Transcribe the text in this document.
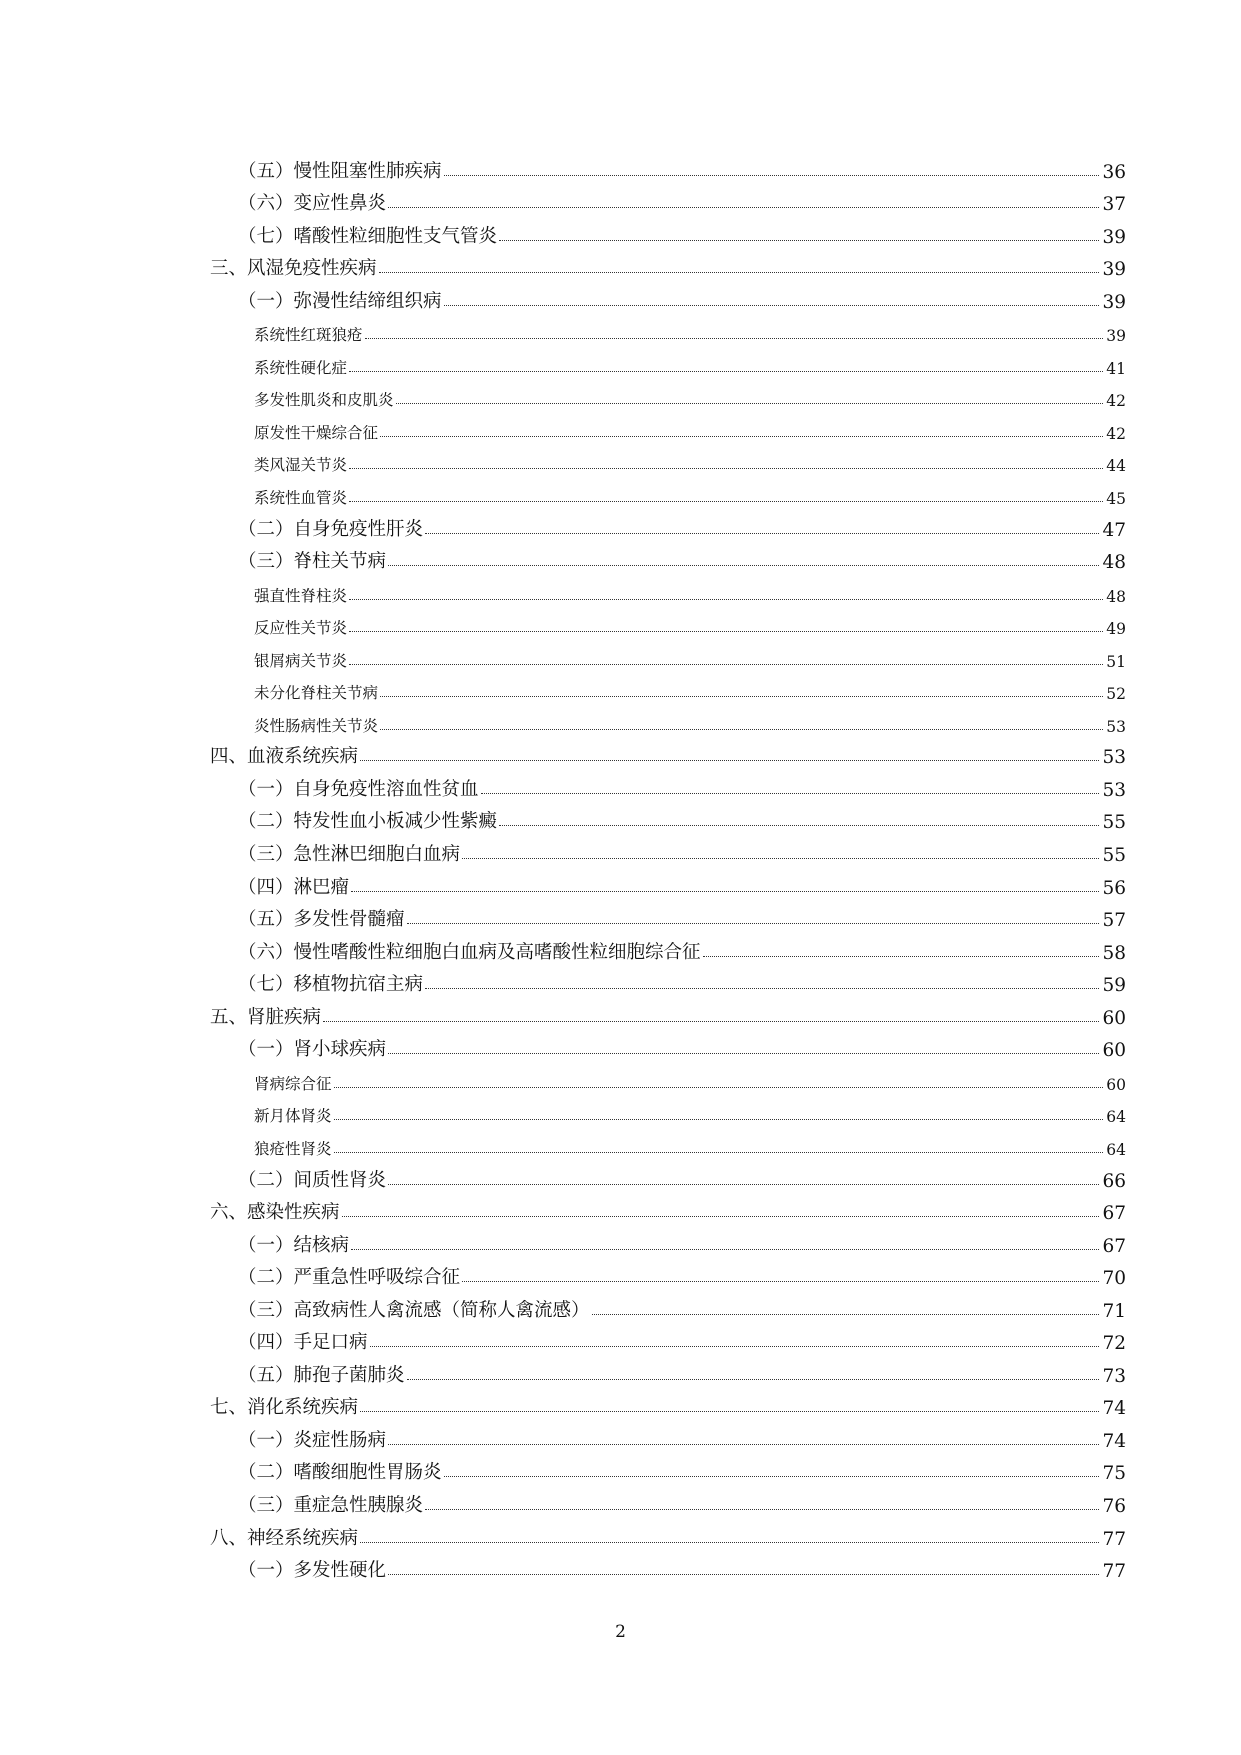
（五）慢性阻塞性肺疾病	36
（六）变应性鼻炎	37
（七）嗜酸性粒细胞性支气管炎	39
三、风湿免疫性疾病	39
（一）弥漫性结缔组织病	39
系统性红斑狼疮	39
系统性硬化症	41
多发性肌炎和皮肌炎	42
原发性干燥综合征	42
类风湿关节炎	44
系统性血管炎	45
（二）自身免疫性肝炎	47
（三）脊柱关节病	48
强直性脊柱炎	48
反应性关节炎	49
银屑病关节炎	51
未分化脊柱关节病	52
炎性肠病性关节炎	53
四、血液系统疾病	53
（一）自身免疫性溶血性贫血	53
（二）特发性血小板减少性紫癜	55
（三）急性淋巴细胞白血病	55
（四）淋巴瘤	56
（五）多发性骨髓瘤	57
（六）慢性嗜酸性粒细胞白血病及高嗜酸性粒细胞综合征	58
（七）移植物抗宿主病	59
五、肾脏疾病	60
（一）肾小球疾病	60
肾病综合征	60
新月体肾炎	64
狼疮性肾炎	64
（二）间质性肾炎	66
六、感染性疾病	67
（一）结核病	67
（二）严重急性呼吸综合征	70
（三）高致病性人禽流感（简称人禽流感）	71
（四）手足口病	72
（五）肺孢子菌肺炎	73
七、消化系统疾病	74
（一）炎症性肠病	74
（二）嗜酸细胞性胃肠炎	75
（三）重症急性胰腺炎	76
八、神经系统疾病	77
（一）多发性硬化	77
2
